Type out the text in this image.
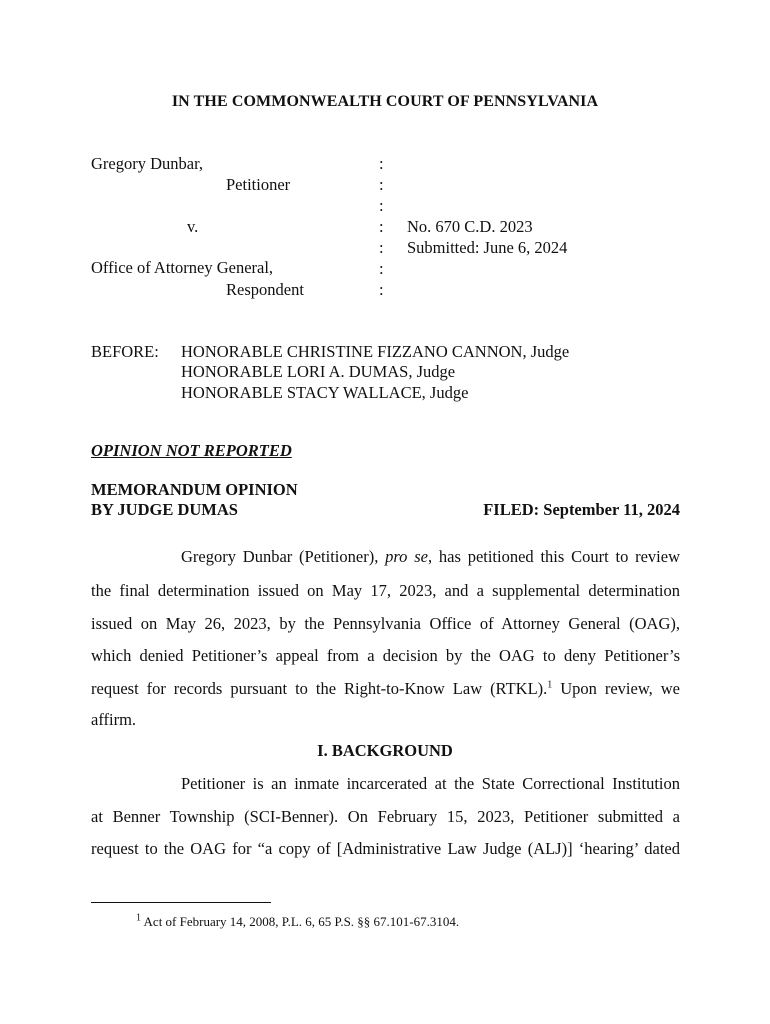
IN THE COMMONWEALTH COURT OF PENNSYLVANIA
Gregory Dunbar,
Petitioner
v.
Office of Attorney General,
Respondent
:
:
:
:
:
:
:
No. 670 C.D. 2023
Submitted: June 6, 2024
BEFORE: HONORABLE CHRISTINE FIZZANO CANNON, Judge
HONORABLE LORI A. DUMAS, Judge
HONORABLE STACY WALLACE, Judge
OPINION NOT REPORTED
MEMORANDUM OPINION
BY JUDGE DUMAS	FILED: September 11, 2024
Gregory Dunbar (Petitioner), pro se, has petitioned this Court to review
the final determination issued on May 17, 2023, and a supplemental determination
issued on May 26, 2023, by the Pennsylvania Office of Attorney General (OAG),
which denied Petitioner’s appeal from a decision by the OAG to deny Petitioner’s
request for records pursuant to the Right-to-Know Law (RTKL).$^1$ Upon review, we
affirm.
I. BACKGROUND
Petitioner is an inmate incarcerated at the State Correctional Institution
at Benner Township (SCI-Benner). On February 15, 2023, Petitioner submitted a
request to the OAG for “a copy of [Administrative Law Judge (ALJ)] ‘hearing’ dated
$^1$ Act of February 14, 2008, P.L. 6, 65 P.S. §§ 67.101-67.3104.
